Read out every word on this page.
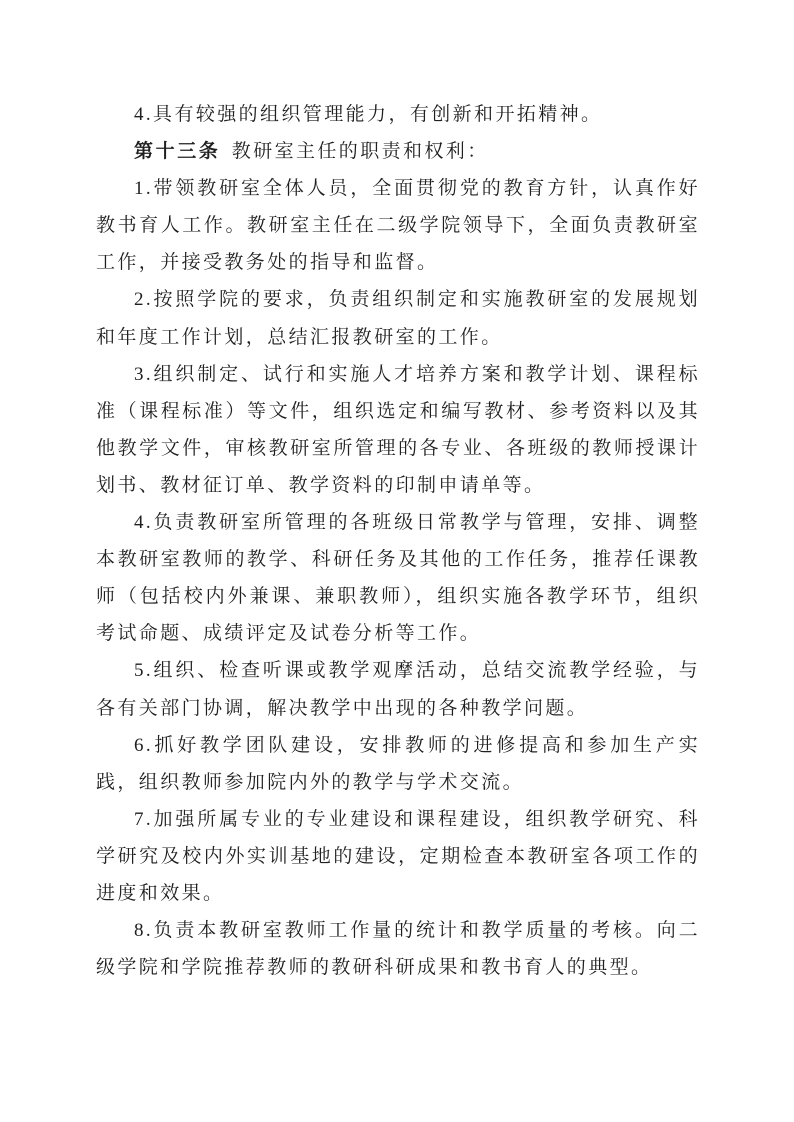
4.具有较强的组织管理能力，有创新和开拓精神。

第十三条 教研室主任的职责和权利：

1.带领教研室全体人员，全面贯彻党的教育方针，认真作好教书育人工作。教研室主任在二级学院领导下，全面负责教研室工作，并接受教务处的指导和监督。

2.按照学院的要求，负责组织制定和实施教研室的发展规划和年度工作计划，总结汇报教研室的工作。

3.组织制定、试行和实施人才培养方案和教学计划、课程标准（课程标准）等文件，组织选定和编写教材、参考资料以及其他教学文件，审核教研室所管理的各专业、各班级的教师授课计划书、教材征订单、教学资料的印制申请单等。

4.负责教研室所管理的各班级日常教学与管理，安排、调整本教研室教师的教学、科研任务及其他的工作任务，推荐任课教师（包括校内外兼课、兼职教师），组织实施各教学环节，组织考试命题、成绩评定及试卷分析等工作。

5.组织、检查听课或教学观摩活动，总结交流教学经验，与各有关部门协调，解决教学中出现的各种教学问题。

6.抓好教学团队建设，安排教师的进修提高和参加生产实践，组织教师参加院内外的教学与学术交流。

7.加强所属专业的专业建设和课程建设，组织教学研究、科学研究及校内外实训基地的建设，定期检查本教研室各项工作的进度和效果。

8.负责本教研室教师工作量的统计和教学质量的考核。向二级学院和学院推荐教师的教研科研成果和教书育人的典型。
